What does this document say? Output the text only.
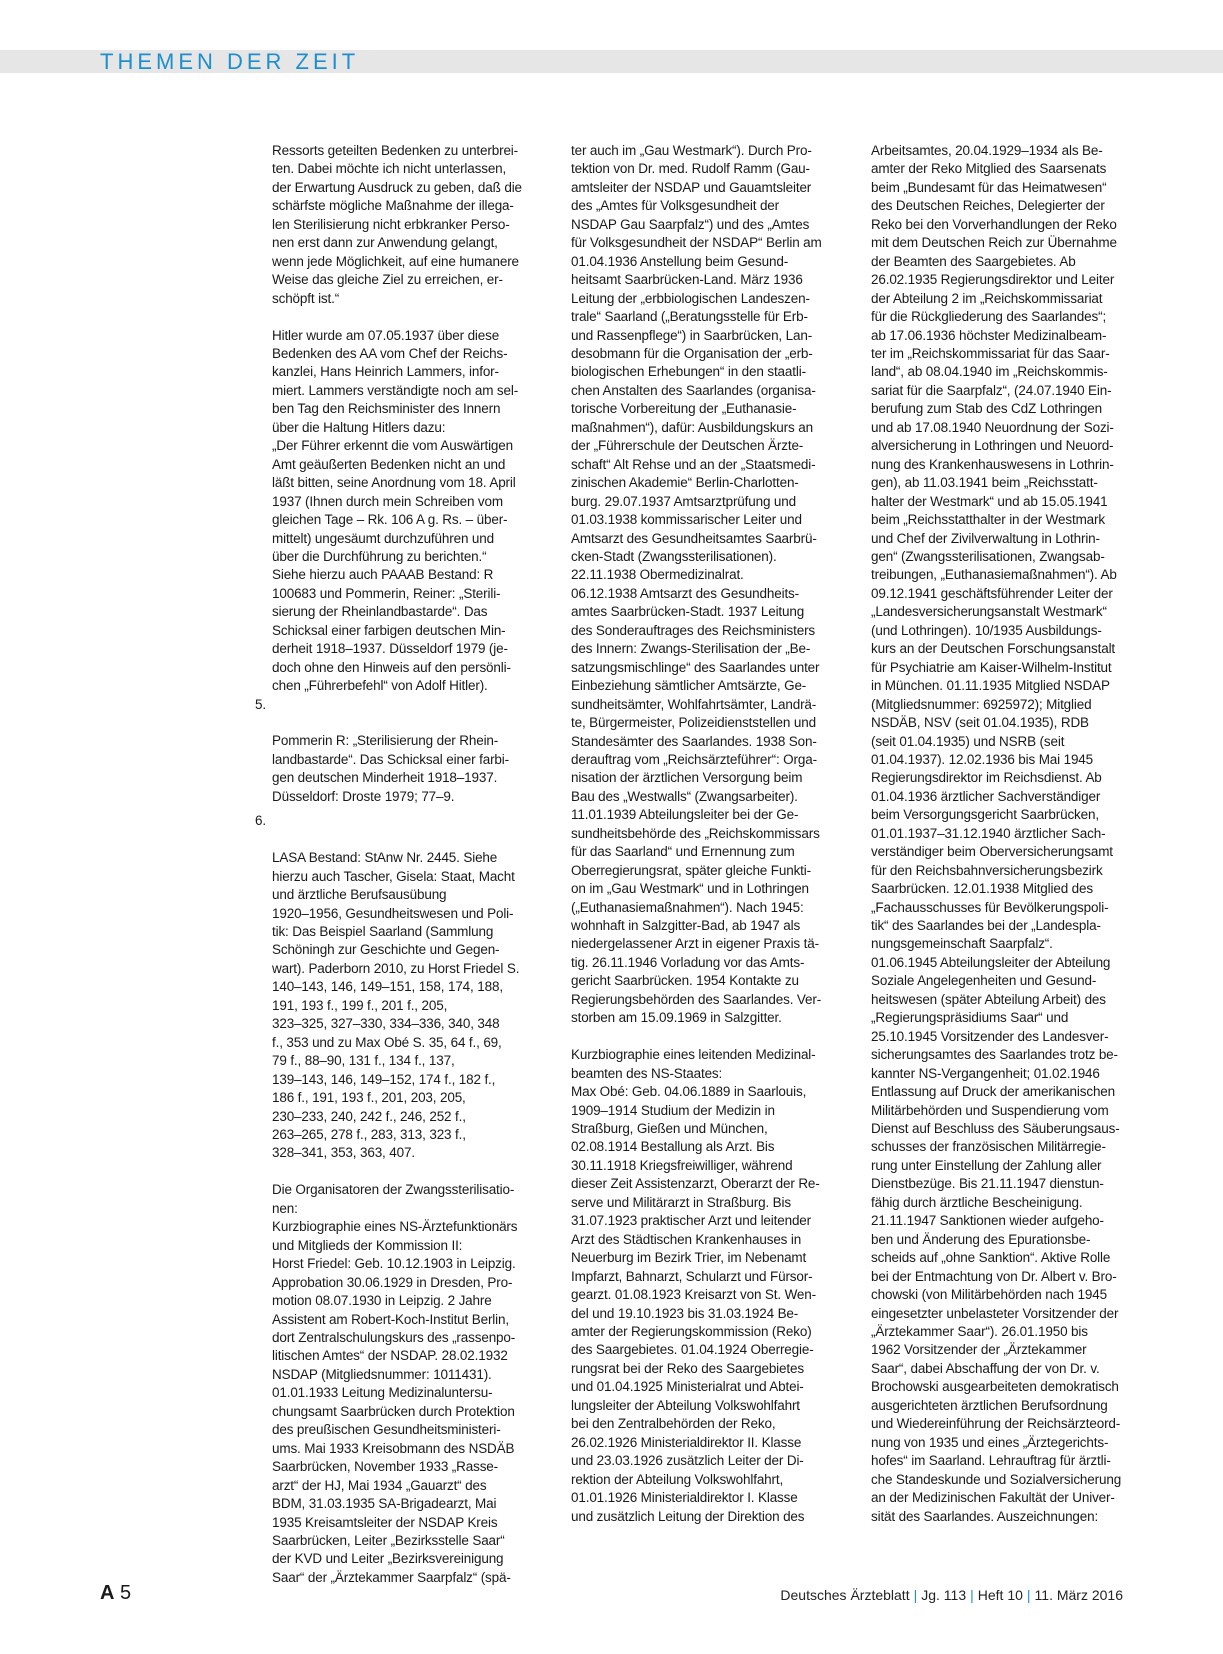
THEMEN DER ZEIT

Ressorts geteilten Bedenken zu unterbrei-
ten. Dabei möchte ich nicht unterlassen,
der Erwartung Ausdruck zu geben, daß die
schärfste mögliche Maßnahme der illega-
len Sterilisierung nicht erbkranker Perso-
nen erst dann zur Anwendung gelangt,
wenn jede Möglichkeit, auf eine humanere
Weise das gleiche Ziel zu erreichen, er-
schöpft ist.“

Hitler wurde am 07.05.1937 über diese
Bedenken des AA vom Chef der Reichs-
kanzlei, Hans Heinrich Lammers, infor-
miert. Lammers verständigte noch am sel-
ben Tag den Reichsminister des Innern
über die Haltung Hitlers dazu:
„Der Führer erkennt die vom Auswärtigen
Amt geäußerten Bedenken nicht an und
läßt bitten, seine Anordnung vom 18. April
1937 (Ihnen durch mein Schreiben vom
gleichen Tage – Rk. 106 A g. Rs. – über-
mittelt) ungesäumt durchzuführen und
über die Durchführung zu berichten.“
Siehe hierzu auch PAAAB Bestand: R
100683 und Pommerin, Reiner: „Sterili-
sierung der Rheinlandbastarde“. Das
Schicksal einer farbigen deutschen Min-
derheit 1918–1937. Düsseldorf 1979 (je-
doch ohne den Hinweis auf den persönli-
chen „Führerbefehl“ von Adolf Hitler).

5.

Pommerin R: „Sterilisierung der Rhein-
landbastarde“. Das Schicksal einer farbi-
gen deutschen Minderheit 1918–1937.
Düsseldorf: Droste 1979; 77–9.

6.

LASA Bestand: StAnw Nr. 2445. Siehe
hierzu auch Tascher, Gisela: Staat, Macht
und ärztliche Berufsausübung
1920–1956, Gesundheitswesen und Poli-
tik: Das Beispiel Saarland (Sammlung
Schöningh zur Geschichte und Gegen-
wart). Paderborn 2010, zu Horst Friedel S.
140–143, 146, 149–151, 158, 174, 188,
191, 193 f., 199 f., 201 f., 205,
323–325, 327–330, 334–336, 340, 348
f., 353 und zu Max Obé S. 35, 64 f., 69,
79 f., 88–90, 131 f., 134 f., 137,
139–143, 146, 149–152, 174 f., 182 f.,
186 f., 191, 193 f., 201, 203, 205,
230–233, 240, 242 f., 246, 252 f.,
263–265, 278 f., 283, 313, 323 f.,
328–341, 353, 363, 407.

Die Organisatoren der Zwangssterilisatio-
nen:
Kurzbiographie eines NS-Ärztefunktionärs
und Mitglieds der Kommission II:
Horst Friedel: Geb. 10.12.1903 in Leipzig.
Approbation 30.06.1929 in Dresden, Pro-
motion 08.07.1930 in Leipzig. 2 Jahre
Assistent am Robert-Koch-Institut Berlin,
dort Zentralschulungskurs des „rassenpo-
litischen Amtes“ der NSDAP. 28.02.1932
NSDAP (Mitgliedsnummer: 1011431).
01.01.1933 Leitung Medizinaluntersu-
chungsamt Saarbrücken durch Protektion
des preußischen Gesundheitsministeri-
ums. Mai 1933 Kreisobmann des NSDÄB
Saarbrücken, November 1933 „Rasse-
arzt“ der HJ, Mai 1934 „Gauarzt“ des
BDM, 31.03.1935 SA-Brigadearzt, Mai
1935 Kreisamtsleiter der NSDAP Kreis
Saarbrücken, Leiter „Bezirksstelle Saar“
der KVD und Leiter „Bezirksvereinigung
Saar“ der „Ärztekammer Saarpfalz“ (spä-

ter auch im „Gau Westmark“). Durch Pro-
tektion von Dr. med. Rudolf Ramm (Gau-
amtsleiter der NSDAP und Gauamtsleiter
des „Amtes für Volksgesundheit der
NSDAP Gau Saarpfalz“) und des „Amtes
für Volksgesundheit der NSDAP“ Berlin am
01.04.1936 Anstellung beim Gesund-
heitsamt Saarbrücken-Land. März 1936
Leitung der „erbbiologischen Landeszen-
trale“ Saarland („Beratungsstelle für Erb-
und Rassenpflege“) in Saarbrücken, Lan-
desobmann für die Organisation der „erb-
biologischen Erhebungen“ in den staatli-
chen Anstalten des Saarlandes (organisa-
torische Vorbereitung der „Euthanasie-
maßnahmen“), dafür: Ausbildungskurs an
der „Führerschule der Deutschen Ärzte-
schaft“ Alt Rehse und an der „Staatsmedi-
zinischen Akademie“ Berlin-Charlotten-
burg. 29.07.1937 Amtsarztprüfung und
01.03.1938 kommissarischer Leiter und
Amtsarzt des Gesundheitsamtes Saarbrü-
cken-Stadt (Zwangssterilisationen).
22.11.1938 Obermedizinalrat.
06.12.1938 Amtsarzt des Gesundheits-
amtes Saarbrücken-Stadt. 1937 Leitung
des Sonderauftrages des Reichsministers
des Innern: Zwangs-Sterilisation der „Be-
satzungsmischlinge“ des Saarlandes unter
Einbeziehung sämtlicher Amtsärzte, Ge-
sundheitsämter, Wohlfahrtsämter, Landrä-
te, Bürgermeister, Polizeidienststellen und
Standesämter des Saarlandes. 1938 Son-
derauftrag vom „Reichsärzteführer“: Orga-
nisation der ärztlichen Versorgung beim
Bau des „Westwalls“ (Zwangsarbeiter).
11.01.1939 Abteilungsleiter bei der Ge-
sundheitsbehörde des „Reichskommissars
für das Saarland“ und Ernennung zum
Oberregierungsrat, später gleiche Funkti-
on im „Gau Westmark“ und in Lothringen
(„Euthanasiemaßnahmen“). Nach 1945:
wohnhaft in Salzgitter-Bad, ab 1947 als
niedergelassener Arzt in eigener Praxis tä-
tig. 26.11.1946 Vorladung vor das Amts-
gericht Saarbrücken. 1954 Kontakte zu
Regierungsbehörden des Saarlandes. Ver-
storben am 15.09.1969 in Salzgitter.

Kurzbiographie eines leitenden Medizinal-
beamten des NS-Staates:
Max Obé: Geb. 04.06.1889 in Saarlouis,
1909–1914 Studium der Medizin in
Straßburg, Gießen und München,
02.08.1914 Bestallung als Arzt. Bis
30.11.1918 Kriegsfreiwilliger, während
dieser Zeit Assistenzarzt, Oberarzt der Re-
serve und Militärarzt in Straßburg. Bis
31.07.1923 praktischer Arzt und leitender
Arzt des Städtischen Krankenhauses in
Neuerburg im Bezirk Trier, im Nebenamt
Impfarzt, Bahnarzt, Schularzt und Fürsor-
gearzt. 01.08.1923 Kreisarzt von St. Wen-
del und 19.10.1923 bis 31.03.1924 Be-
amter der Regierungskommission (Reko)
des Saargebietes. 01.04.1924 Oberregie-
rungsrat bei der Reko des Saargebietes
und 01.04.1925 Ministerialrat und Abtei-
lungsleiter der Abteilung Volkswohlfahrt
bei den Zentralbehörden der Reko,
26.02.1926 Ministerialdirektor II. Klasse
und 23.03.1926 zusätzlich Leiter der Di-
rektion der Abteilung Volkswohlfahrt,
01.01.1926 Ministerialdirektor I. Klasse
und zusätzlich Leitung der Direktion des

Arbeitsamtes, 20.04.1929–1934 als Be-
amter der Reko Mitglied des Saarsenats
beim „Bundesamt für das Heimatwesen“
des Deutschen Reiches, Delegierter der
Reko bei den Vorverhandlungen der Reko
mit dem Deutschen Reich zur Übernahme
der Beamten des Saargebietes. Ab
26.02.1935 Regierungsdirektor und Leiter
der Abteilung 2 im „Reichskommissariat
für die Rückgliederung des Saarlandes“;
ab 17.06.1936 höchster Medizinalbeam-
ter im „Reichskommissariat für das Saar-
land“, ab 08.04.1940 im „Reichskommis-
sariat für die Saarpfalz“, (24.07.1940 Ein-
berufung zum Stab des CdZ Lothringen
und ab 17.08.1940 Neuordnung der Sozi-
alversicherung in Lothringen und Neuord-
nung des Krankenhauswesens in Lothrin-
gen), ab 11.03.1941 beim „Reichsstatt-
halter der Westmark“ und ab 15.05.1941
beim „Reichsstatthalter in der Westmark
und Chef der Zivilverwaltung in Lothrin-
gen“ (Zwangssterilisationen, Zwangsab-
treibungen, „Euthanasiemaßnahmen“). Ab
09.12.1941 geschäftsführender Leiter der
„Landesversicherungsanstalt Westmark“
(und Lothringen). 10/1935 Ausbildungs-
kurs an der Deutschen Forschungsanstalt
für Psychiatrie am Kaiser-Wilhelm-Institut
in München. 01.11.1935 Mitglied NSDAP
(Mitgliedsnummer: 6925972); Mitglied
NSDÄB, NSV (seit 01.04.1935), RDB
(seit 01.04.1935) und NSRB (seit
01.04.1937). 12.02.1936 bis Mai 1945
Regierungsdirektor im Reichsdienst. Ab
01.04.1936 ärztlicher Sachverständiger
beim Versorgungsgericht Saarbrücken,
01.01.1937–31.12.1940 ärztlicher Sach-
verständiger beim Oberversicherungsamt
für den Reichsbahnversicherungsbezirk
Saarbrücken. 12.01.1938 Mitglied des
„Fachausschusses für Bevölkerungspoli-
tik“ des Saarlandes bei der „Landespla-
nungsgemeinschaft Saarpfalz“.
01.06.1945 Abteilungsleiter der Abteilung
Soziale Angelegenheiten und Gesund-
heitswesen (später Abteilung Arbeit) des
„Regierungspräsidiums Saar“ und
25.10.1945 Vorsitzender des Landesver-
sicherungsamtes des Saarlandes trotz be-
kannter NS-Vergangenheit; 01.02.1946
Entlassung auf Druck der amerikanischen
Militärbehörden und Suspendierung vom
Dienst auf Beschluss des Säuberungsaus-
schusses der französischen Militärregie-
rung unter Einstellung der Zahlung aller
Dienstbezüge. Bis 21.11.1947 dienstun-
fähig durch ärztliche Bescheinigung.
21.11.1947 Sanktionen wieder aufgeho-
ben und Änderung des Epurationsbe-
scheids auf „ohne Sanktion“. Aktive Rolle
bei der Entmachtung von Dr. Albert v. Bro-
chowski (von Militärbehörden nach 1945
eingesetzter unbelasteter Vorsitzender der
„Ärztekammer Saar“). 26.01.1950 bis
1962 Vorsitzender der „Ärztekammer
Saar“, dabei Abschaffung der von Dr. v.
Brochowski ausgearbeiteten demokratisch
ausgerichteten ärztlichen Berufsordnung
und Wiedereinführung der Reichsärzteord-
nung von 1935 und eines „Ärztegerichts-
hofes“ im Saarland. Lehrauftrag für ärztli-
che Standeskunde und Sozialversicherung
an der Medizinischen Fakultät der Univer-
sität des Saarlandes. Auszeichnungen:

A 5	Deutsches Ärzteblatt | Jg. 113 | Heft 10 | 11. März 2016
